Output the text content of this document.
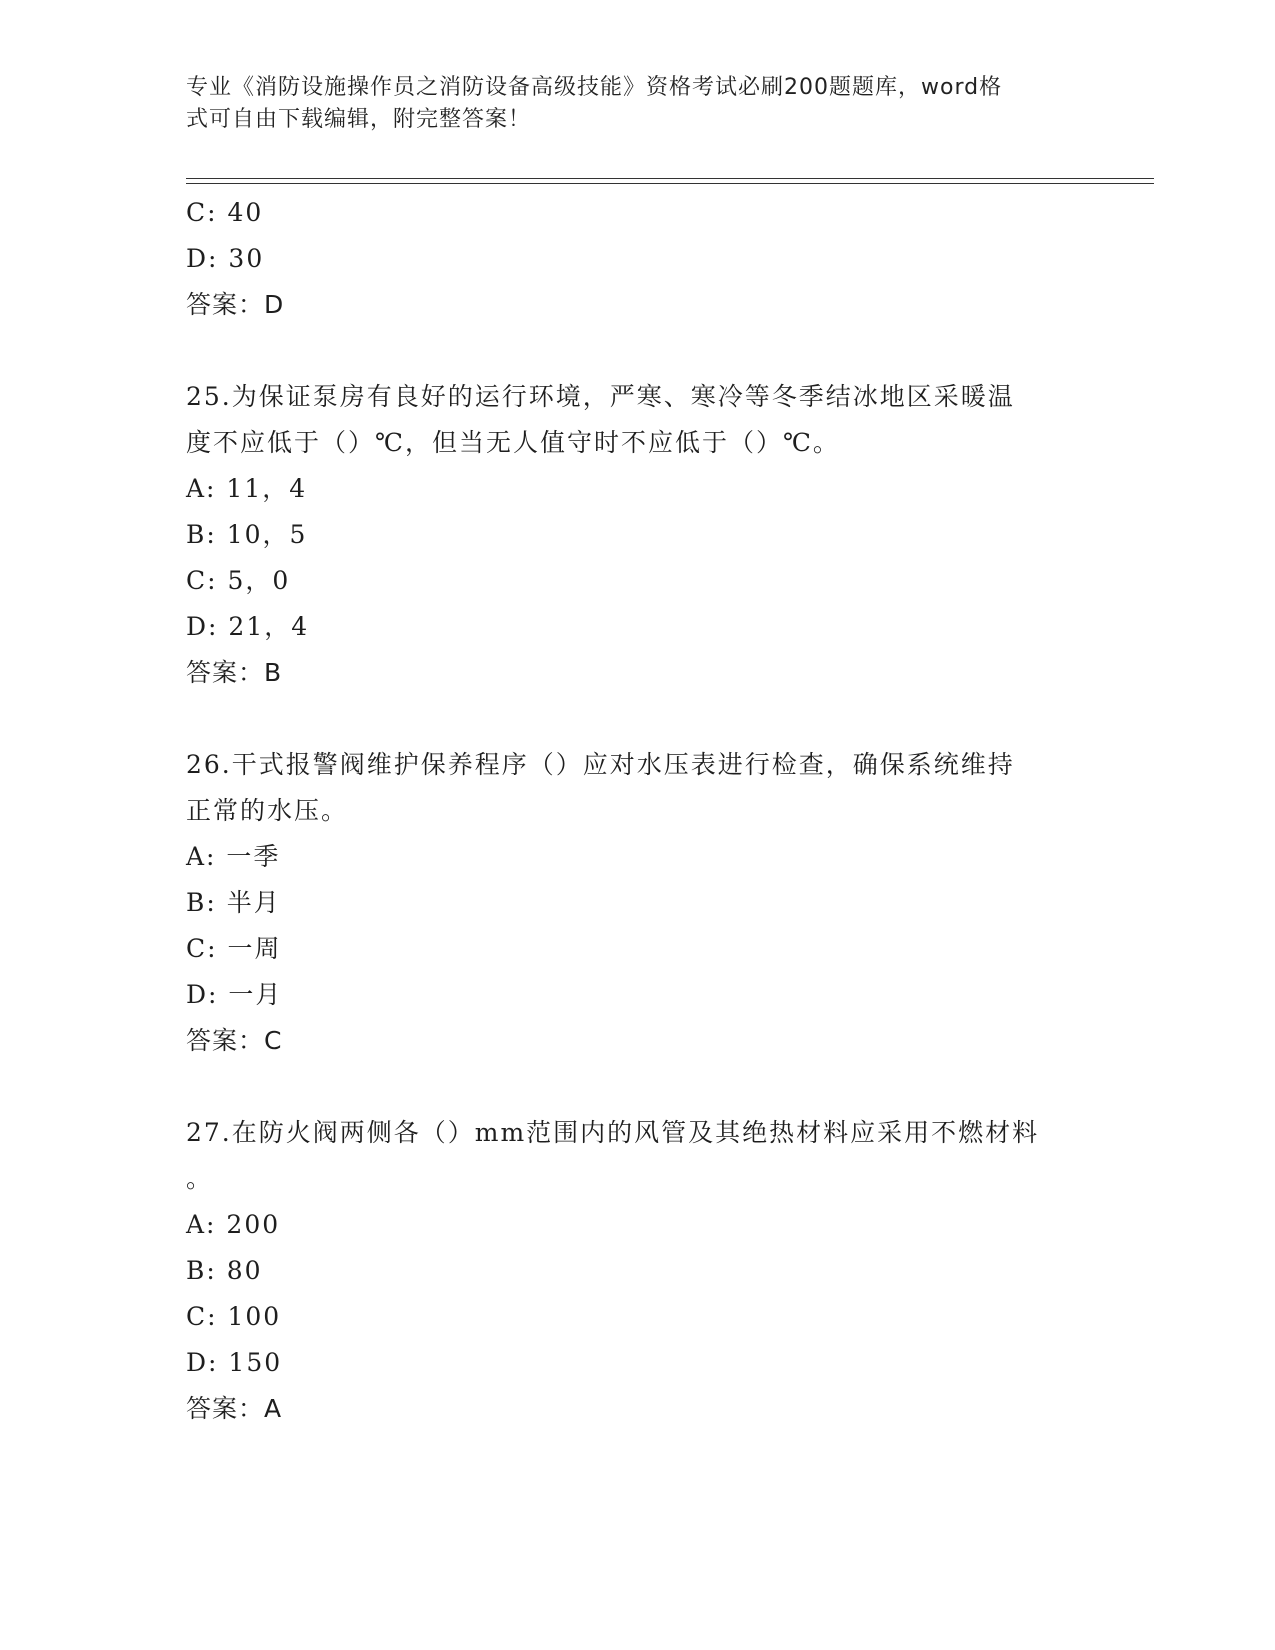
专业《消防设施操作员之消防设备高级技能》资格考试必刷200题题库，word格
式可自由下载编辑，附完整答案！
C: 40
D: 30
答案：D
25.为保证泵房有良好的运行环境，严寒、寒冷等冬季结冰地区采暖温
度不应低于（）℃，但当无人值守时不应低于（）℃。
A: 11，4
B: 10，5
C: 5，0
D: 21，4
答案：B
26.干式报警阀维护保养程序（）应对水压表进行检查，确保系统维持
正常的水压。
A: 一季
B: 半月
C: 一周
D: 一月
答案：C
27.在防火阀两侧各（）mm范围内的风管及其绝热材料应采用不燃材料
。
A: 200
B: 80
C: 100
D: 150
答案：A
